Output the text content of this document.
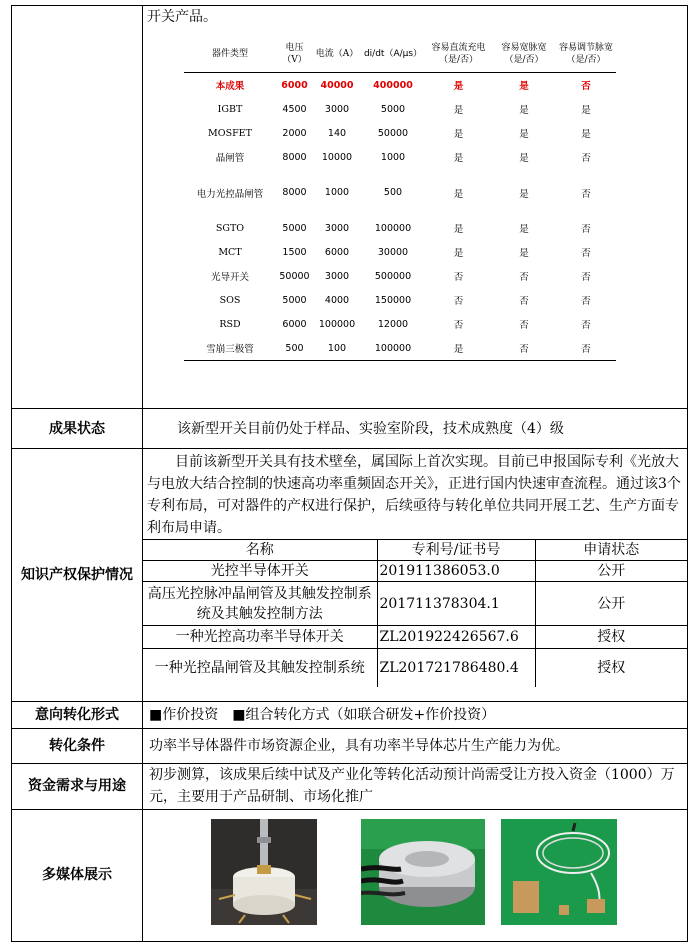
开关产品。
器件类型	电压（V）	电流（A）	di/dt（A/μs）	容易直流充电（是/否）	容易宽脉宽（是/否）	容易调节脉宽（是/否）
本成果	6000	40000	400000	是	是	否
IGBT	4500	3000	5000	是	是	是
MOSFET	2000	140	50000	是	是	是
晶闸管	8000	10000	1000	是	是	否
电力光控晶闸管	8000	1000	500	是	是	否
SGTO	5000	3000	100000	是	是	否
MCT	1500	6000	30000	是	是	否
光导开关	50000	3000	500000	否	否	否
SOS	5000	4000	150000	否	否	否
RSD	6000	100000	12000	否	否	否
雪崩三极管	500	100	100000	是	否	否

成果状态	该新型开关目前仍处于样品、实验室阶段，技术成熟度（4）级
知识产权保护情况	
目前该新型开关具有技术壁垒，属国际上首次实现。目前已申报国际专利《光放大与电放大结合控制的快速高功率重频固态开关》，正进行国内快速审查流程。通过该3个专利布局，可对器件的产权进行保护，后续亟待与转化单位共同开展工艺、生产方面专利布局申请。
名称	专利号/证书号	申请状态
光控半导体开关	201911386053.0	公开
高压光控脉冲晶闸管及其触发控制系统及其触发控制方法	201711378304.1	公开
一种光控高功率半导体开关	ZL201922426567.6	授权
一种光控晶闸管及其触发控制系统	ZL201721786480.4	授权

意向转化形式	■作价投资　■组合转化方式（如联合研发+作价投资）
转化条件	功率半导体器件市场资源企业，具有功率半导体芯片生产能力为优。
资金需求与用途	初步测算，该成果后续中试及产业化等转化活动预计尚需受让方投入资金（1000）万元，主要用于产品研制、市场化推广
多媒体展示	
